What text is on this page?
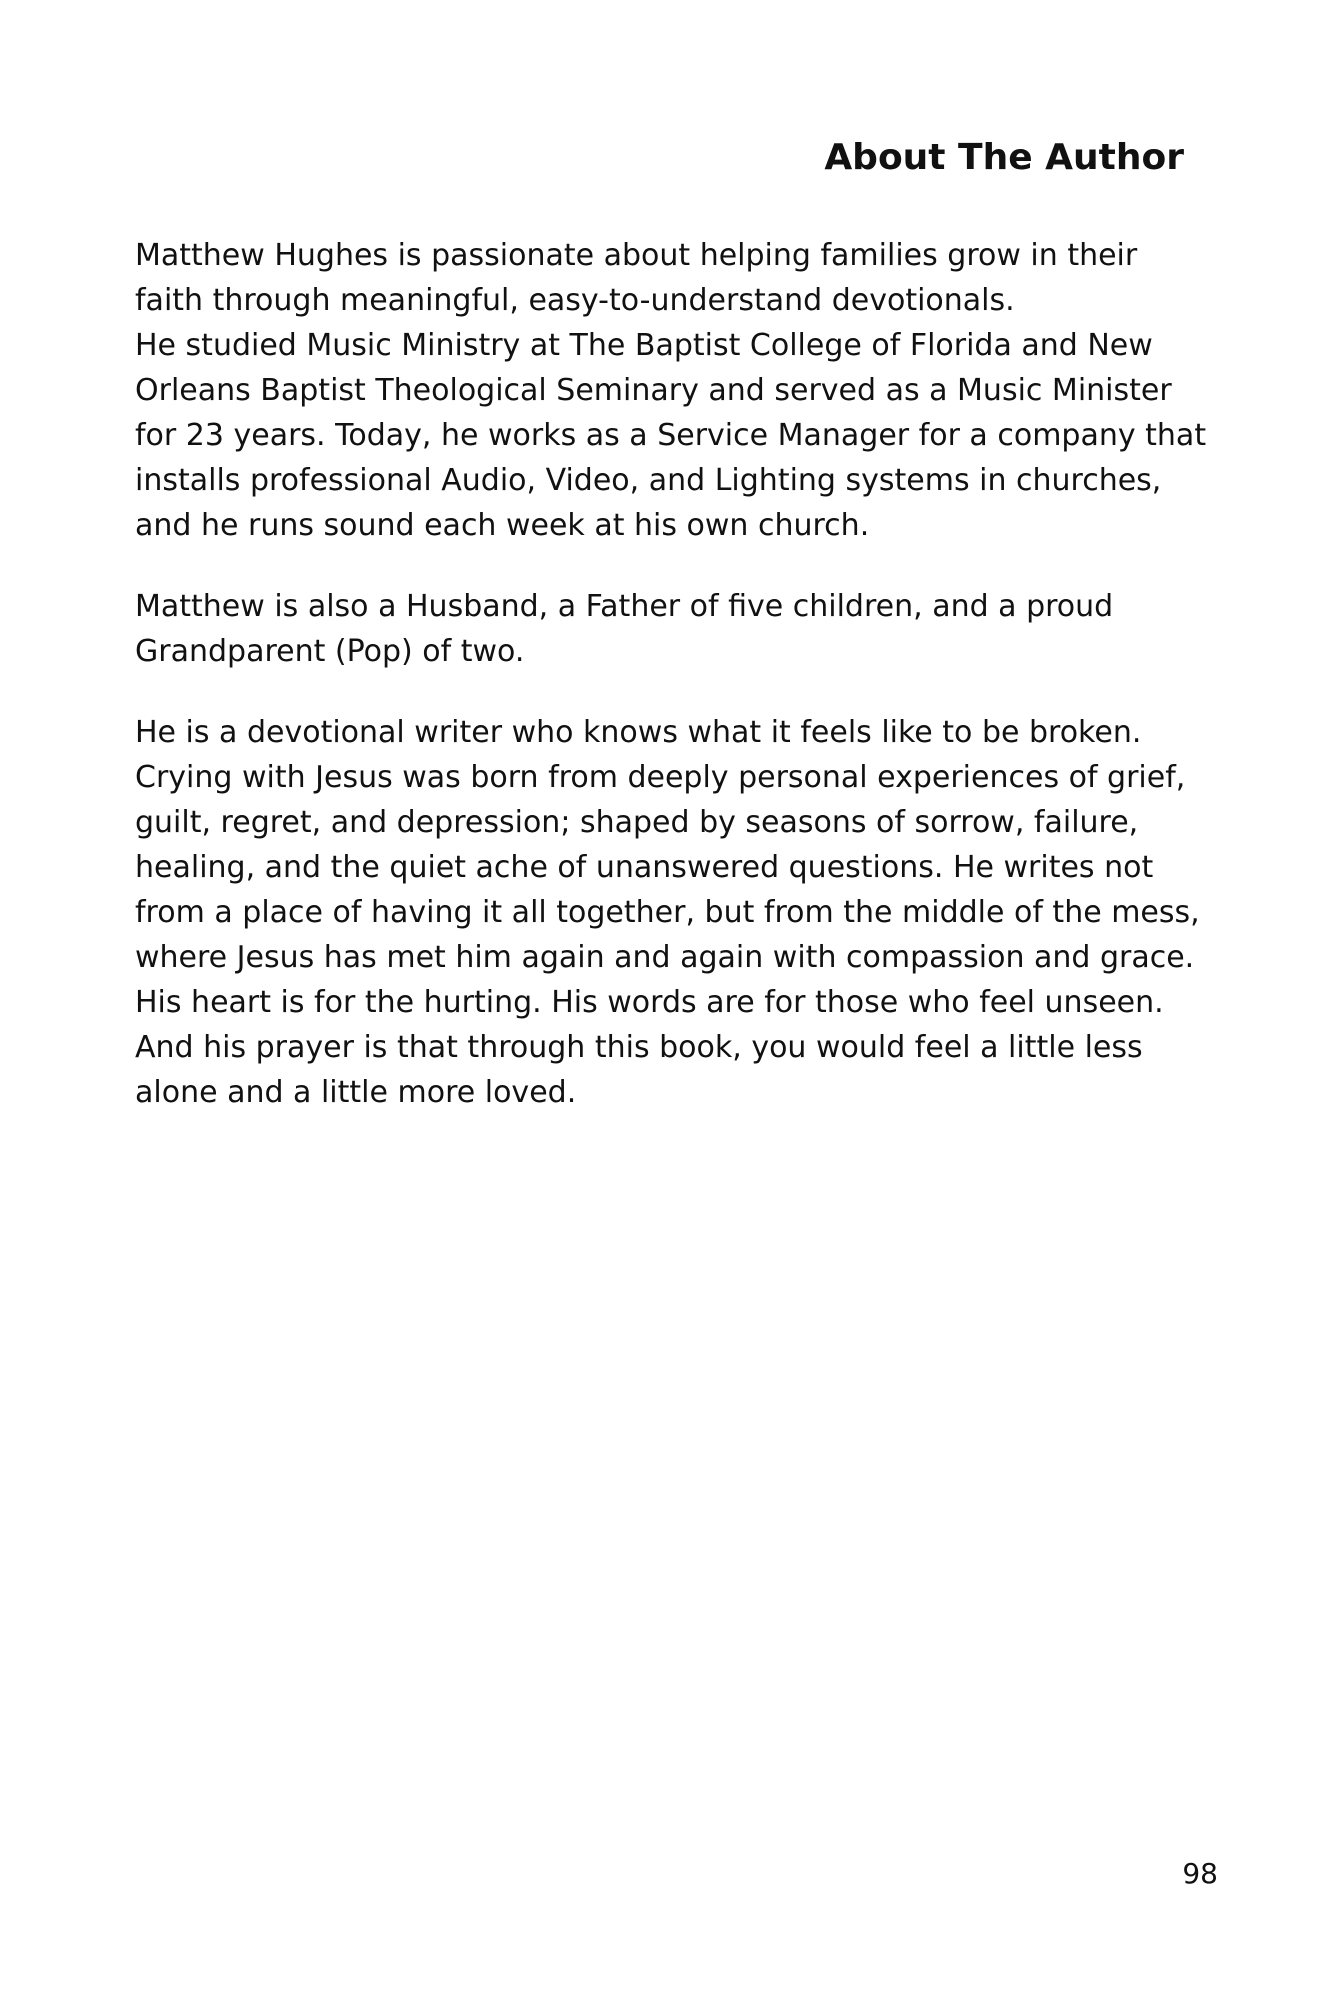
About The Author

Matthew Hughes is passionate about helping families grow in their
faith through meaningful, easy-to-understand devotionals.
He studied Music Ministry at The Baptist College of Florida and New
Orleans Baptist Theological Seminary and served as a Music Minister
for 23 years. Today, he works as a Service Manager for a company that
installs professional Audio, Video, and Lighting systems in churches,
and he runs sound each week at his own church.

Matthew is also a Husband, a Father of five children, and a proud
Grandparent (Pop) of two.

He is a devotional writer who knows what it feels like to be broken.
Crying with Jesus was born from deeply personal experiences of grief,
guilt, regret, and depression; shaped by seasons of sorrow, failure,
healing, and the quiet ache of unanswered questions. He writes not
from a place of having it all together, but from the middle of the mess,
where Jesus has met him again and again with compassion and grace.
His heart is for the hurting. His words are for those who feel unseen.
And his prayer is that through this book, you would feel a little less
alone and a little more loved.

98
